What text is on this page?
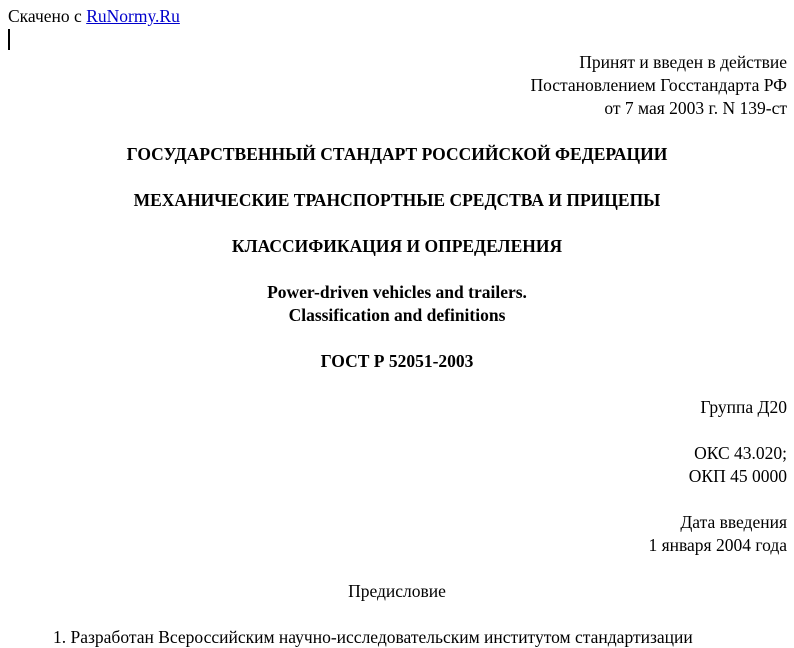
Скачено с RuNormy.Ru
Принят и введен в действие
Постановлением Госстандарта РФ
от 7 мая 2003 г. N 139-ст
ГОСУДАРСТВЕННЫЙ СТАНДАРТ РОССИЙСКОЙ ФЕДЕРАЦИИ
МЕХАНИЧЕСКИЕ ТРАНСПОРТНЫЕ СРЕДСТВА И ПРИЦЕПЫ
КЛАССИФИКАЦИЯ И ОПРЕДЕЛЕНИЯ
Power-driven vehicles and trailers.
Classification and definitions
ГОСТ Р 52051-2003
Группа Д20
ОКС 43.020;
ОКП 45 0000
Дата введения
1 января 2004 года
Предисловие
1. Разработан Всероссийским научно-исследовательским институтом стандартизации
